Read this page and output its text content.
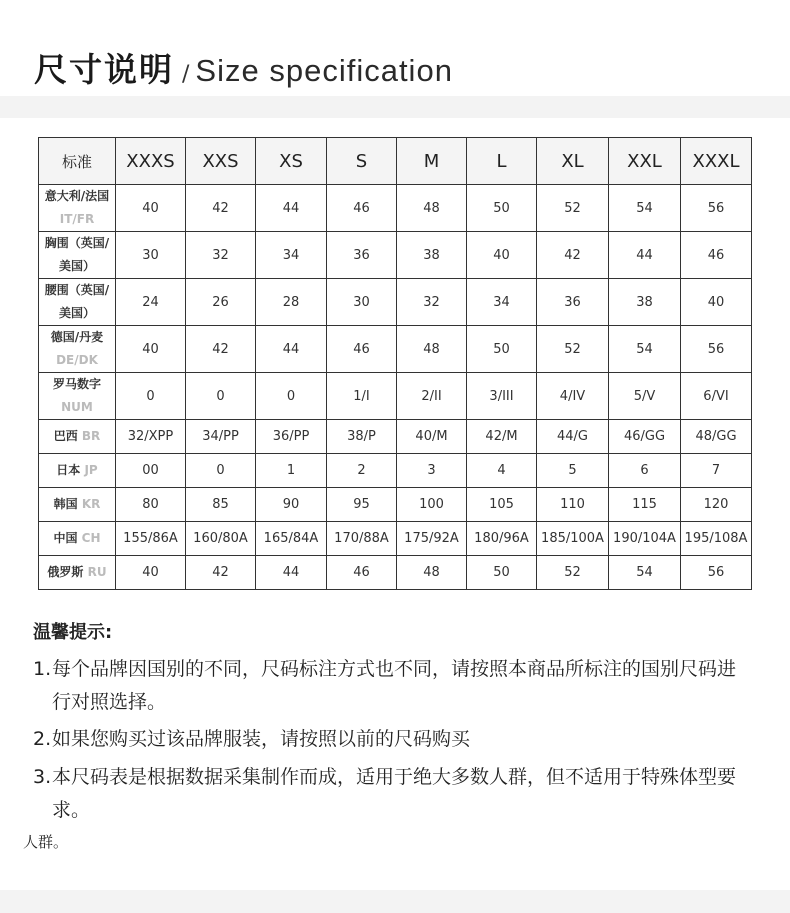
尺寸说明 / Size specification
标准	XXXS	XXS	XS	S	M	L	XL	XXL	XXXL
意大利/法国 IT/FR	40	42	44	46	48	50	52	54	56
胸围（英国/美国）	30	32	34	36	38	40	42	44	46
腰围（英国/美国）	24	26	28	30	32	34	36	38	40
德国/丹麦 DE/DK	40	42	44	46	48	50	52	54	56
罗马数字 NUM	0	0	0	1/I	2/II	3/III	4/IV	5/V	6/VI
巴西 BR	32/XPP	34/PP	36/PP	38/P	40/M	42/M	44/G	46/GG	48/GG
日本 JP	00	0	1	2	3	4	5	6	7
韩国 KR	80	85	90	95	100	105	110	115	120
中国 CH	155/86A	160/80A	165/84A	170/88A	175/92A	180/96A	185/100A	190/104A	195/108A
俄罗斯 RU	40	42	44	46	48	50	52	54	56
温馨提示:
1. 每个品牌因国别的不同，尺码标注方式也不同，请按照本商品所标注的国别尺码进行对照选择。
2. 如果您购买过该品牌服装，请按照以前的尺码购买
3. 本尺码表是根据数据采集制作而成，适用于绝大多数人群，但不适用于特殊体型要求。
人群。
